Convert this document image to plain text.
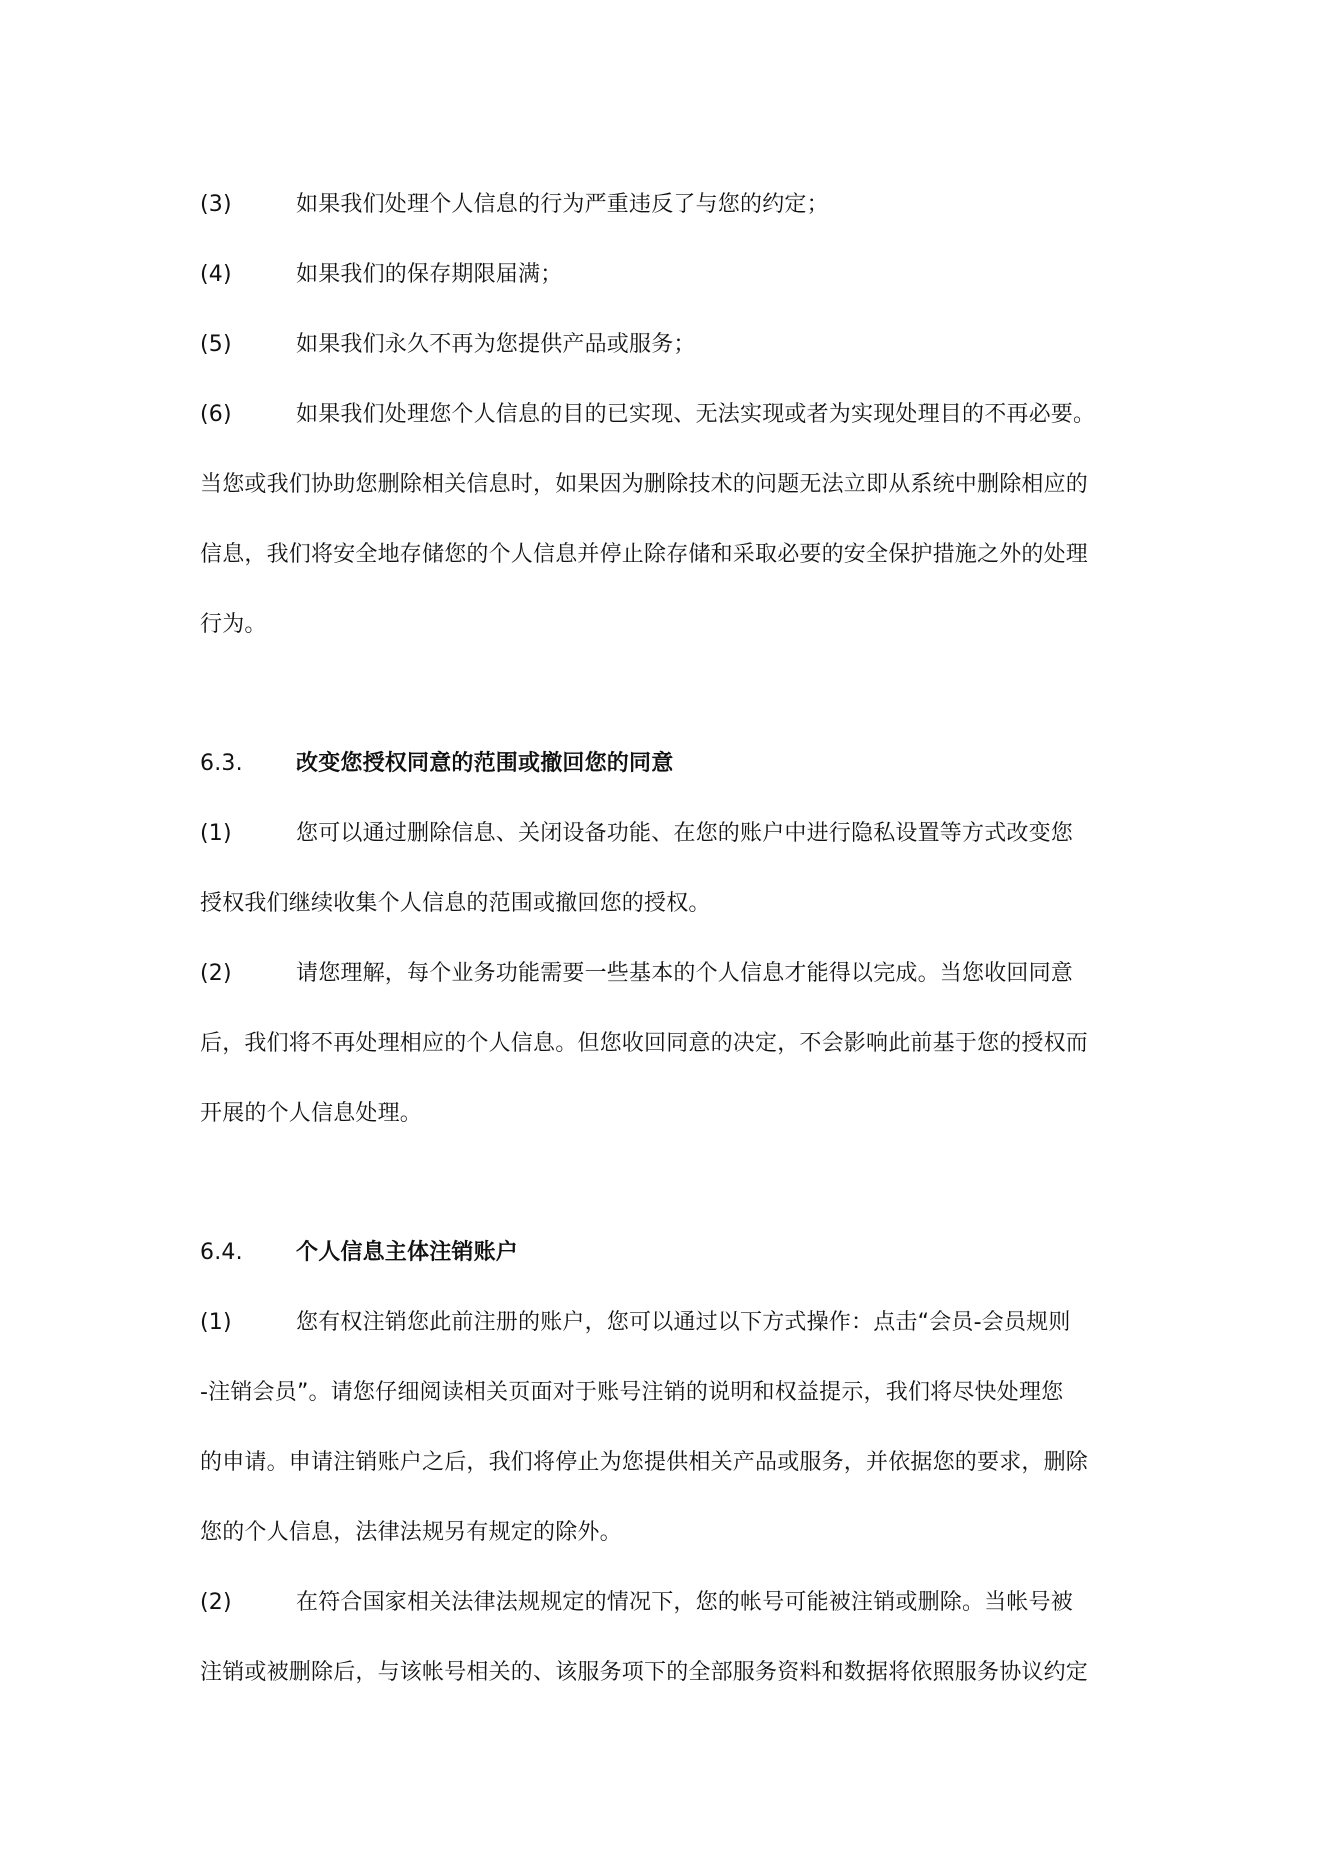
(3)	如果我们处理个人信息的行为严重违反了与您的约定；
(4)	如果我们的保存期限届满；
(5)	如果我们永久不再为您提供产品或服务；
(6)	如果我们处理您个人信息的目的已实现、无法实现或者为实现处理目的不再必要。
当您或我们协助您删除相关信息时，如果因为删除技术的问题无法立即从系统中删除相应的
信息，我们将安全地存储您的个人信息并停止除存储和采取必要的安全保护措施之外的处理
行为。
6.3. 改变您授权同意的范围或撤回您的同意
(1)	您可以通过删除信息、关闭设备功能、在您的账户中进行隐私设置等方式改变您
授权我们继续收集个人信息的范围或撤回您的授权。
(2)	请您理解，每个业务功能需要一些基本的个人信息才能得以完成。当您收回同意
后，我们将不再处理相应的个人信息。但您收回同意的决定，不会影响此前基于您的授权而
开展的个人信息处理。
6.4. 个人信息主体注销账户
(1)	您有权注销您此前注册的账户，您可以通过以下方式操作：点击“会员-会员规则
-注销会员”。请您仔细阅读相关页面对于账号注销的说明和权益提示，我们将尽快处理您
的申请。申请注销账户之后，我们将停止为您提供相关产品或服务，并依据您的要求，删除
您的个人信息，法律法规另有规定的除外。
(2)	在符合国家相关法律法规规定的情况下，您的帐号可能被注销或删除。当帐号被
注销或被删除后，与该帐号相关的、该服务项下的全部服务资料和数据将依照服务协议约定
